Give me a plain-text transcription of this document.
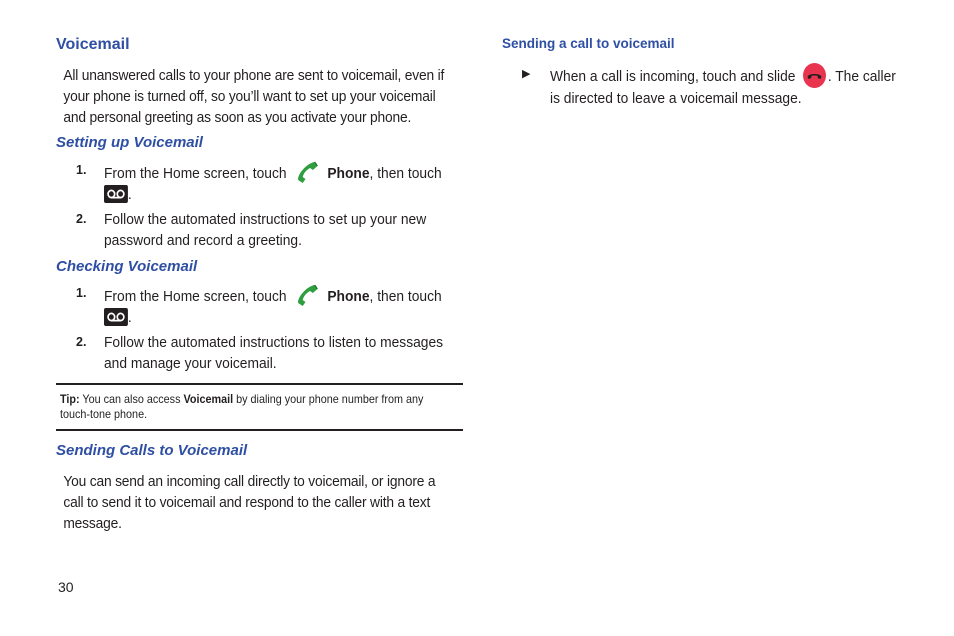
Voicemail

All unanswered calls to your phone are sent to voicemail, even if your phone is turned off, so you’ll want to set up your voicemail and personal greeting as soon as you activate your phone.

Setting up Voicemail
1. From the Home screen, touch	Phone, then touch

.
2. Follow the automated instructions to set up your new password and record a greeting.
Checking Voicemail
1. From the Home screen, touch	Phone, then touch

.
2. Follow the automated instructions to listen to messages and manage your voicemail.
Tip: You can also access Voicemail by dialing your phone number from any touch-tone phone.
Sending Calls to Voicemail

You can send an incoming call directly to voicemail, or ignore a call to send it to voicemail and respond to the caller with a text message.

Sending a call to voicemail
▶ When a call is incoming, touch and slide . The caller is directed to leave a voicemail message.
30
